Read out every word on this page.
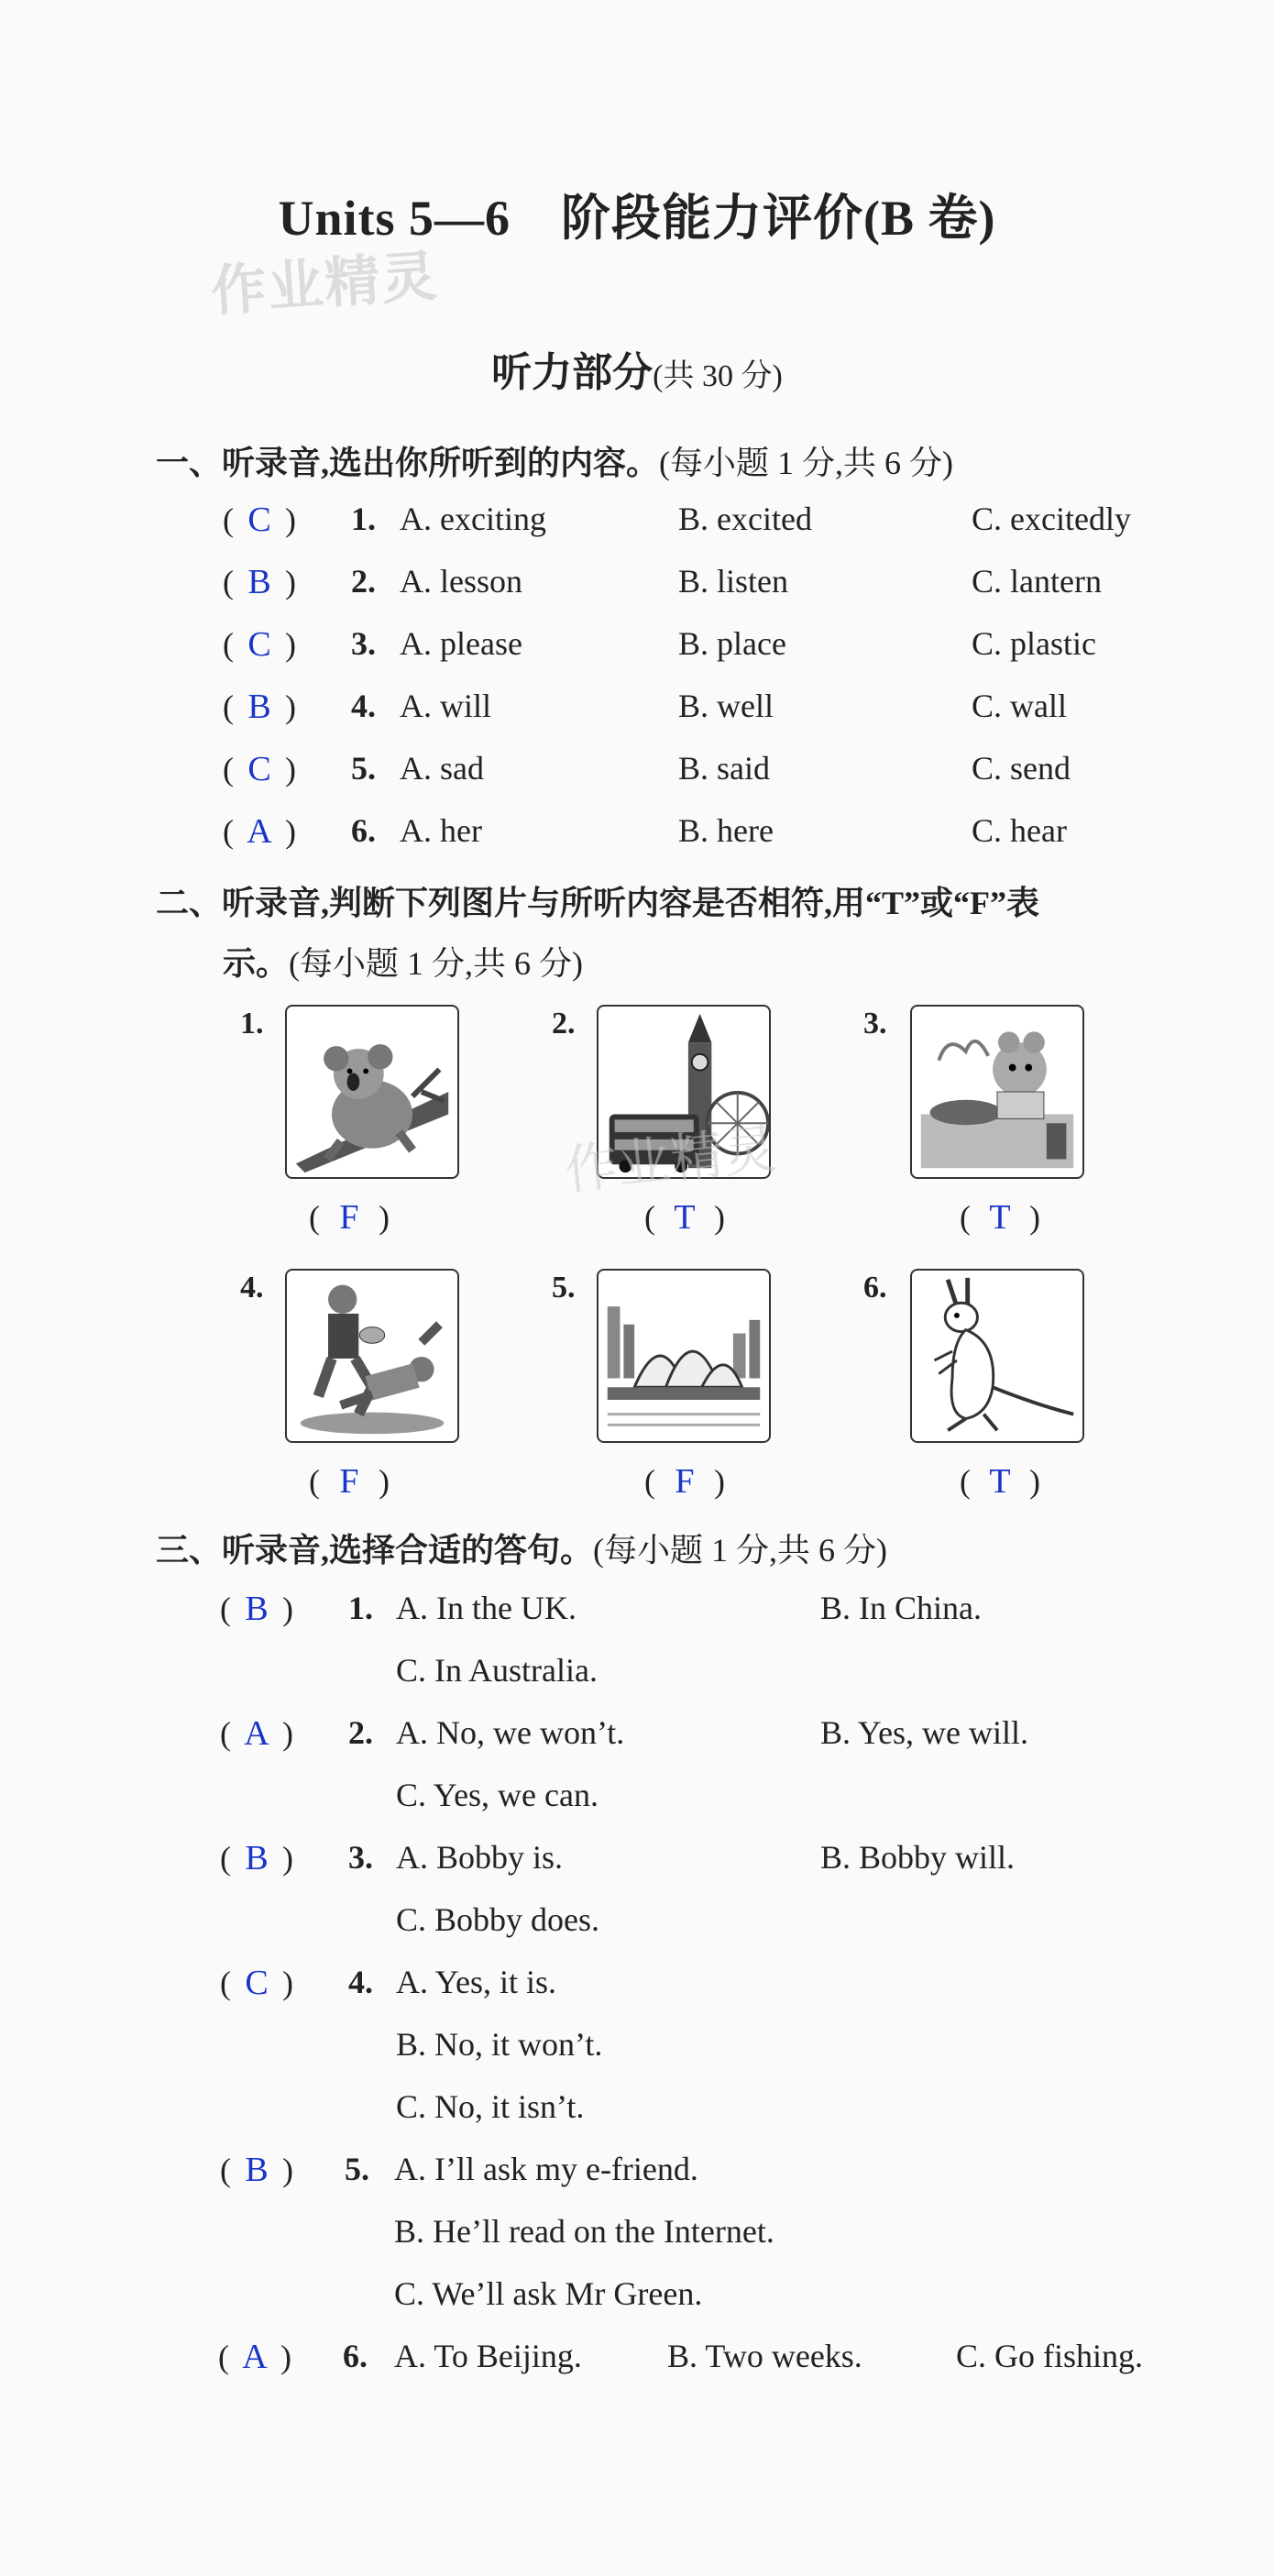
作业精灵
Units 5—6　阶段能力评价(B 卷)
听力部分(共 30 分)
一、听录音,选出你所听到的内容。(每小题 1 分,共 6 分)
( C )	1. A. exciting	B. excited	C. excitedly
( B )	2. A. lesson	B. listen	C. lantern
( C )	3. A. please	B. place	C. plastic
( B )	4. A. will	B. well	C. wall
( C )	5. A. sad	B. said	C. send
( A )	6. A. her	B. here	C. hear
二、听录音,判断下列图片与所听内容是否相符,用“T”或“F”表
示。(每小题 1 分,共 6 分)
1.
( F )
2.
( T )
3.
( T )
4.
( F )
5.
( F )
6.
( T )
作业精灵
三、听录音,选择合适的答句。(每小题 1 分,共 6 分)
( B )	1. A. In the UK.	B. In China.
C. In Australia.
( A )	2. A. No, we won’t.	B. Yes, we will.
C. Yes, we can.
( B )	3. A. Bobby is.	B. Bobby will.
C. Bobby does.
( C )	4. A. Yes, it is.
B. No, it won’t.
C. No, it isn’t.
( B )	5. A. I’ll ask my e-friend.
B. He’ll read on the Internet.
C. We’ll ask Mr Green.
( A )	6. A. To Beijing.	B. Two weeks.	C. Go fishing.
